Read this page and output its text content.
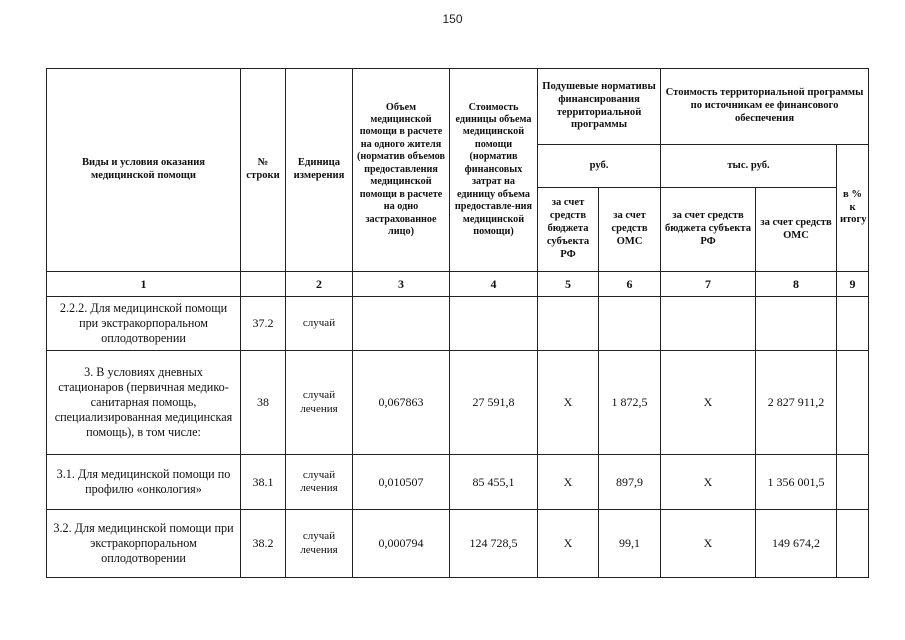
150
Виды и условия оказания медицинской помощи	№ строки	Единица измерения	Объем медицинской помощи в расчете на одного жителя (норматив объемов предоставления медицинской помощи в расчете на одно застрахованное лицо)	Стоимость единицы объема медицинской помощи (норматив финансовых затрат на единицу объема предоставле-ния медицинской помощи)	Подушевые нормативы финансирования территориальной программы		Стоимость территориальной программы по источникам ее финансового обеспечения		
					руб.		тыс. руб.		в % к итогу
					за счет средств бюджета субъекта РФ	за счет средств ОМС	за счет средств бюджета субъекта РФ	за счет средств ОМС	
1		2	3	4	5	6	7	8	9
2.2.2. Для медицинской помощи при экстракорпоральном оплодотворении	37.2	случай							
3. В условиях дневных стационаров (первичная медико-санитарная помощь, специализированная медицинская помощь), в том числе:	38	случай лечения	0,067863	27 591,8	X	1 872,5	X	2 827 911,2	
3.1. Для медицинской помощи по профилю «онкология»	38.1	случай лечения	0,010507	85 455,1	X	897,9	X	1 356 001,5	
3.2. Для медицинской помощи при экстракорпоральном оплодотворении	38.2	случай лечения	0,000794	124 728,5	X	99,1	X	149 674,2	
